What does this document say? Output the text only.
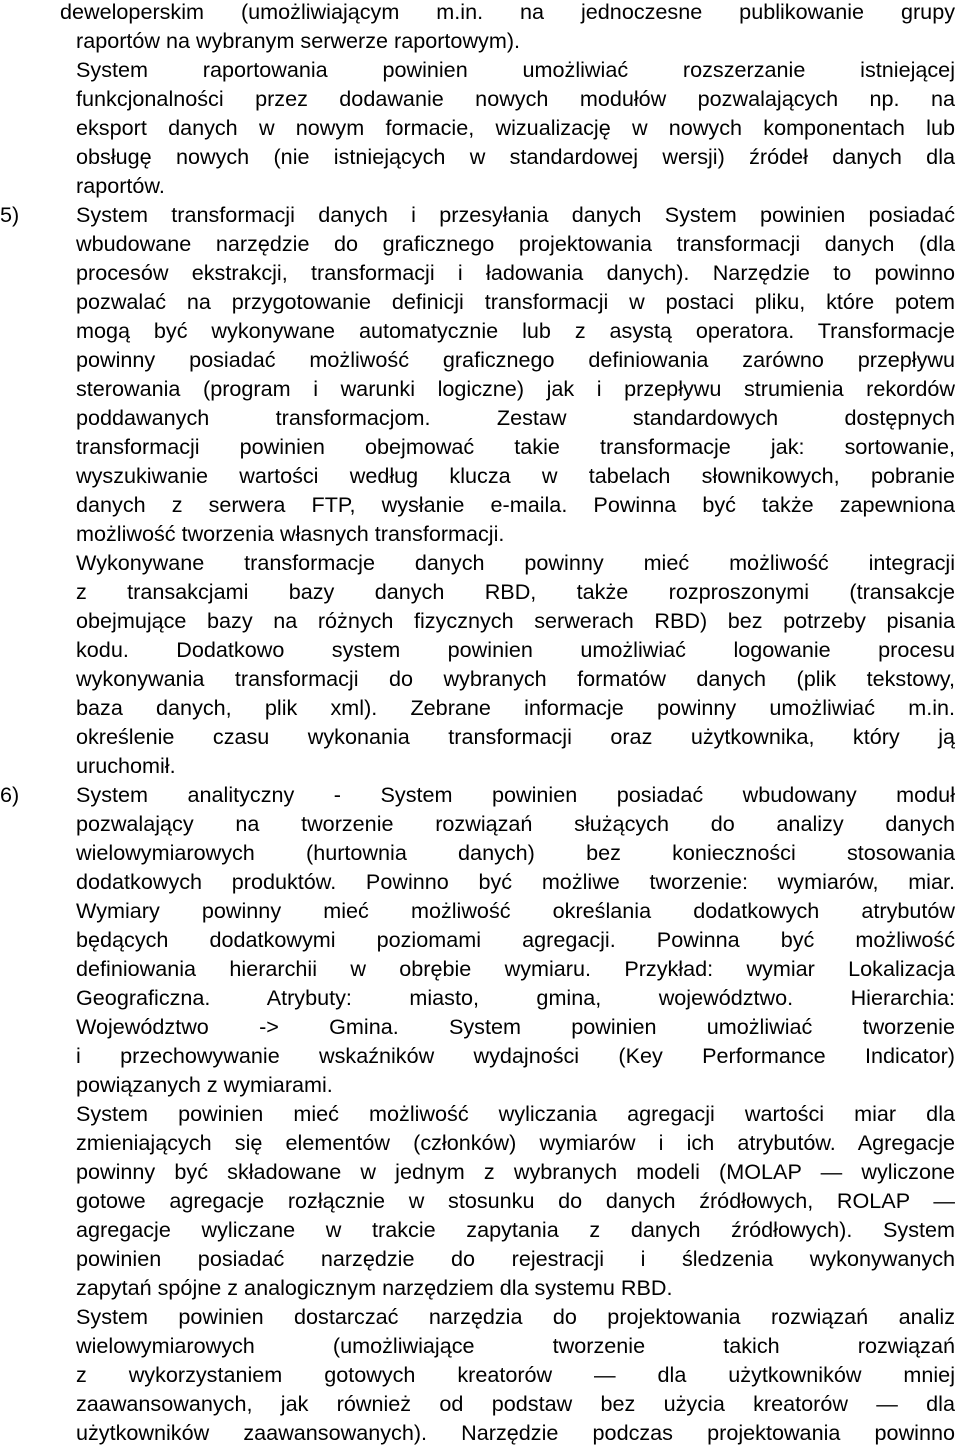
deweloperskim (umożliwiającym m.in. na jednoczesne publikowanie grupy
raportów na wybranym serwerze raportowym).
System raportowania powinien umożliwiać rozszerzanie istniejącej
funkcjonalności przez dodawanie nowych modułów pozwalających np. na
eksport danych w nowym formacie, wizualizację w nowych komponentach lub
obsługę nowych (nie istniejących w standardowej wersji) źródeł danych dla
raportów.
5)	System transformacji danych i przesyłania danych System powinien posiadać
wbudowane narzędzie do graficznego projektowania transformacji danych (dla
procesów ekstrakcji, transformacji i ładowania danych). Narzędzie to powinno
pozwalać na przygotowanie definicji transformacji w postaci pliku, które potem
mogą być wykonywane automatycznie lub z asystą operatora. Transformacje
powinny posiadać możliwość graficznego definiowania zarówno przepływu
sterowania (program i warunki logiczne) jak i przepływu strumienia rekordów
poddawanych transformacjom. Zestaw standardowych dostępnych
transformacji powinien obejmować takie transformacje jak: sortowanie,
wyszukiwanie wartości według klucza w tabelach słownikowych, pobranie
danych z serwera FTP, wysłanie e-maila. Powinna być także zapewniona
możliwość tworzenia własnych transformacji.
Wykonywane transformacje danych powinny mieć możliwość integracji
z transakcjami bazy danych RBD, także rozproszonymi (transakcje
obejmujące bazy na różnych fizycznych serwerach RBD) bez potrzeby pisania
kodu. Dodatkowo system powinien umożliwiać logowanie procesu
wykonywania transformacji do wybranych formatów danych (plik tekstowy,
baza danych, plik xml). Zebrane informacje powinny umożliwiać m.in.
określenie czasu wykonania transformacji oraz użytkownika, który ją
uruchomił.
6)	System analityczny - System powinien posiadać wbudowany moduł
pozwalający na tworzenie rozwiązań służących do analizy danych
wielowymiarowych (hurtownia danych) bez konieczności stosowania
dodatkowych produktów. Powinno być możliwe tworzenie: wymiarów, miar.
Wymiary powinny mieć możliwość określania dodatkowych atrybutów
będących dodatkowymi poziomami agregacji. Powinna być możliwość
definiowania hierarchii w obrębie wymiaru. Przykład: wymiar Lokalizacja
Geograficzna. Atrybuty: miasto, gmina, województwo. Hierarchia:
Województwo -> Gmina. System powinien umożliwiać tworzenie
i przechowywanie wskaźników wydajności (Key Performance Indicator)
powiązanych z wymiarami.
System powinien mieć możliwość wyliczania agregacji wartości miar dla
zmieniających się elementów (członków) wymiarów i ich atrybutów. Agregacje
powinny być składowane w jednym z wybranych modeli (MOLAP — wyliczone
gotowe agregacje rozłącznie w stosunku do danych źródłowych, ROLAP —
agregacje wyliczane w trakcie zapytania z danych źródłowych). System
powinien posiadać narzędzie do rejestracji i śledzenia wykonywanych
zapytań spójne z analogicznym narzędziem dla systemu RBD.
System powinien dostarczać narzędzia do projektowania rozwiązań analiz
wielowymiarowych (umożliwiające tworzenie takich rozwiązań
z wykorzystaniem gotowych kreatorów — dla użytkowników mniej
zaawansowanych, jak również od podstaw bez użycia kreatorów — dla
użytkowników zaawansowanych). Narzędzie podczas projektowania powinno
